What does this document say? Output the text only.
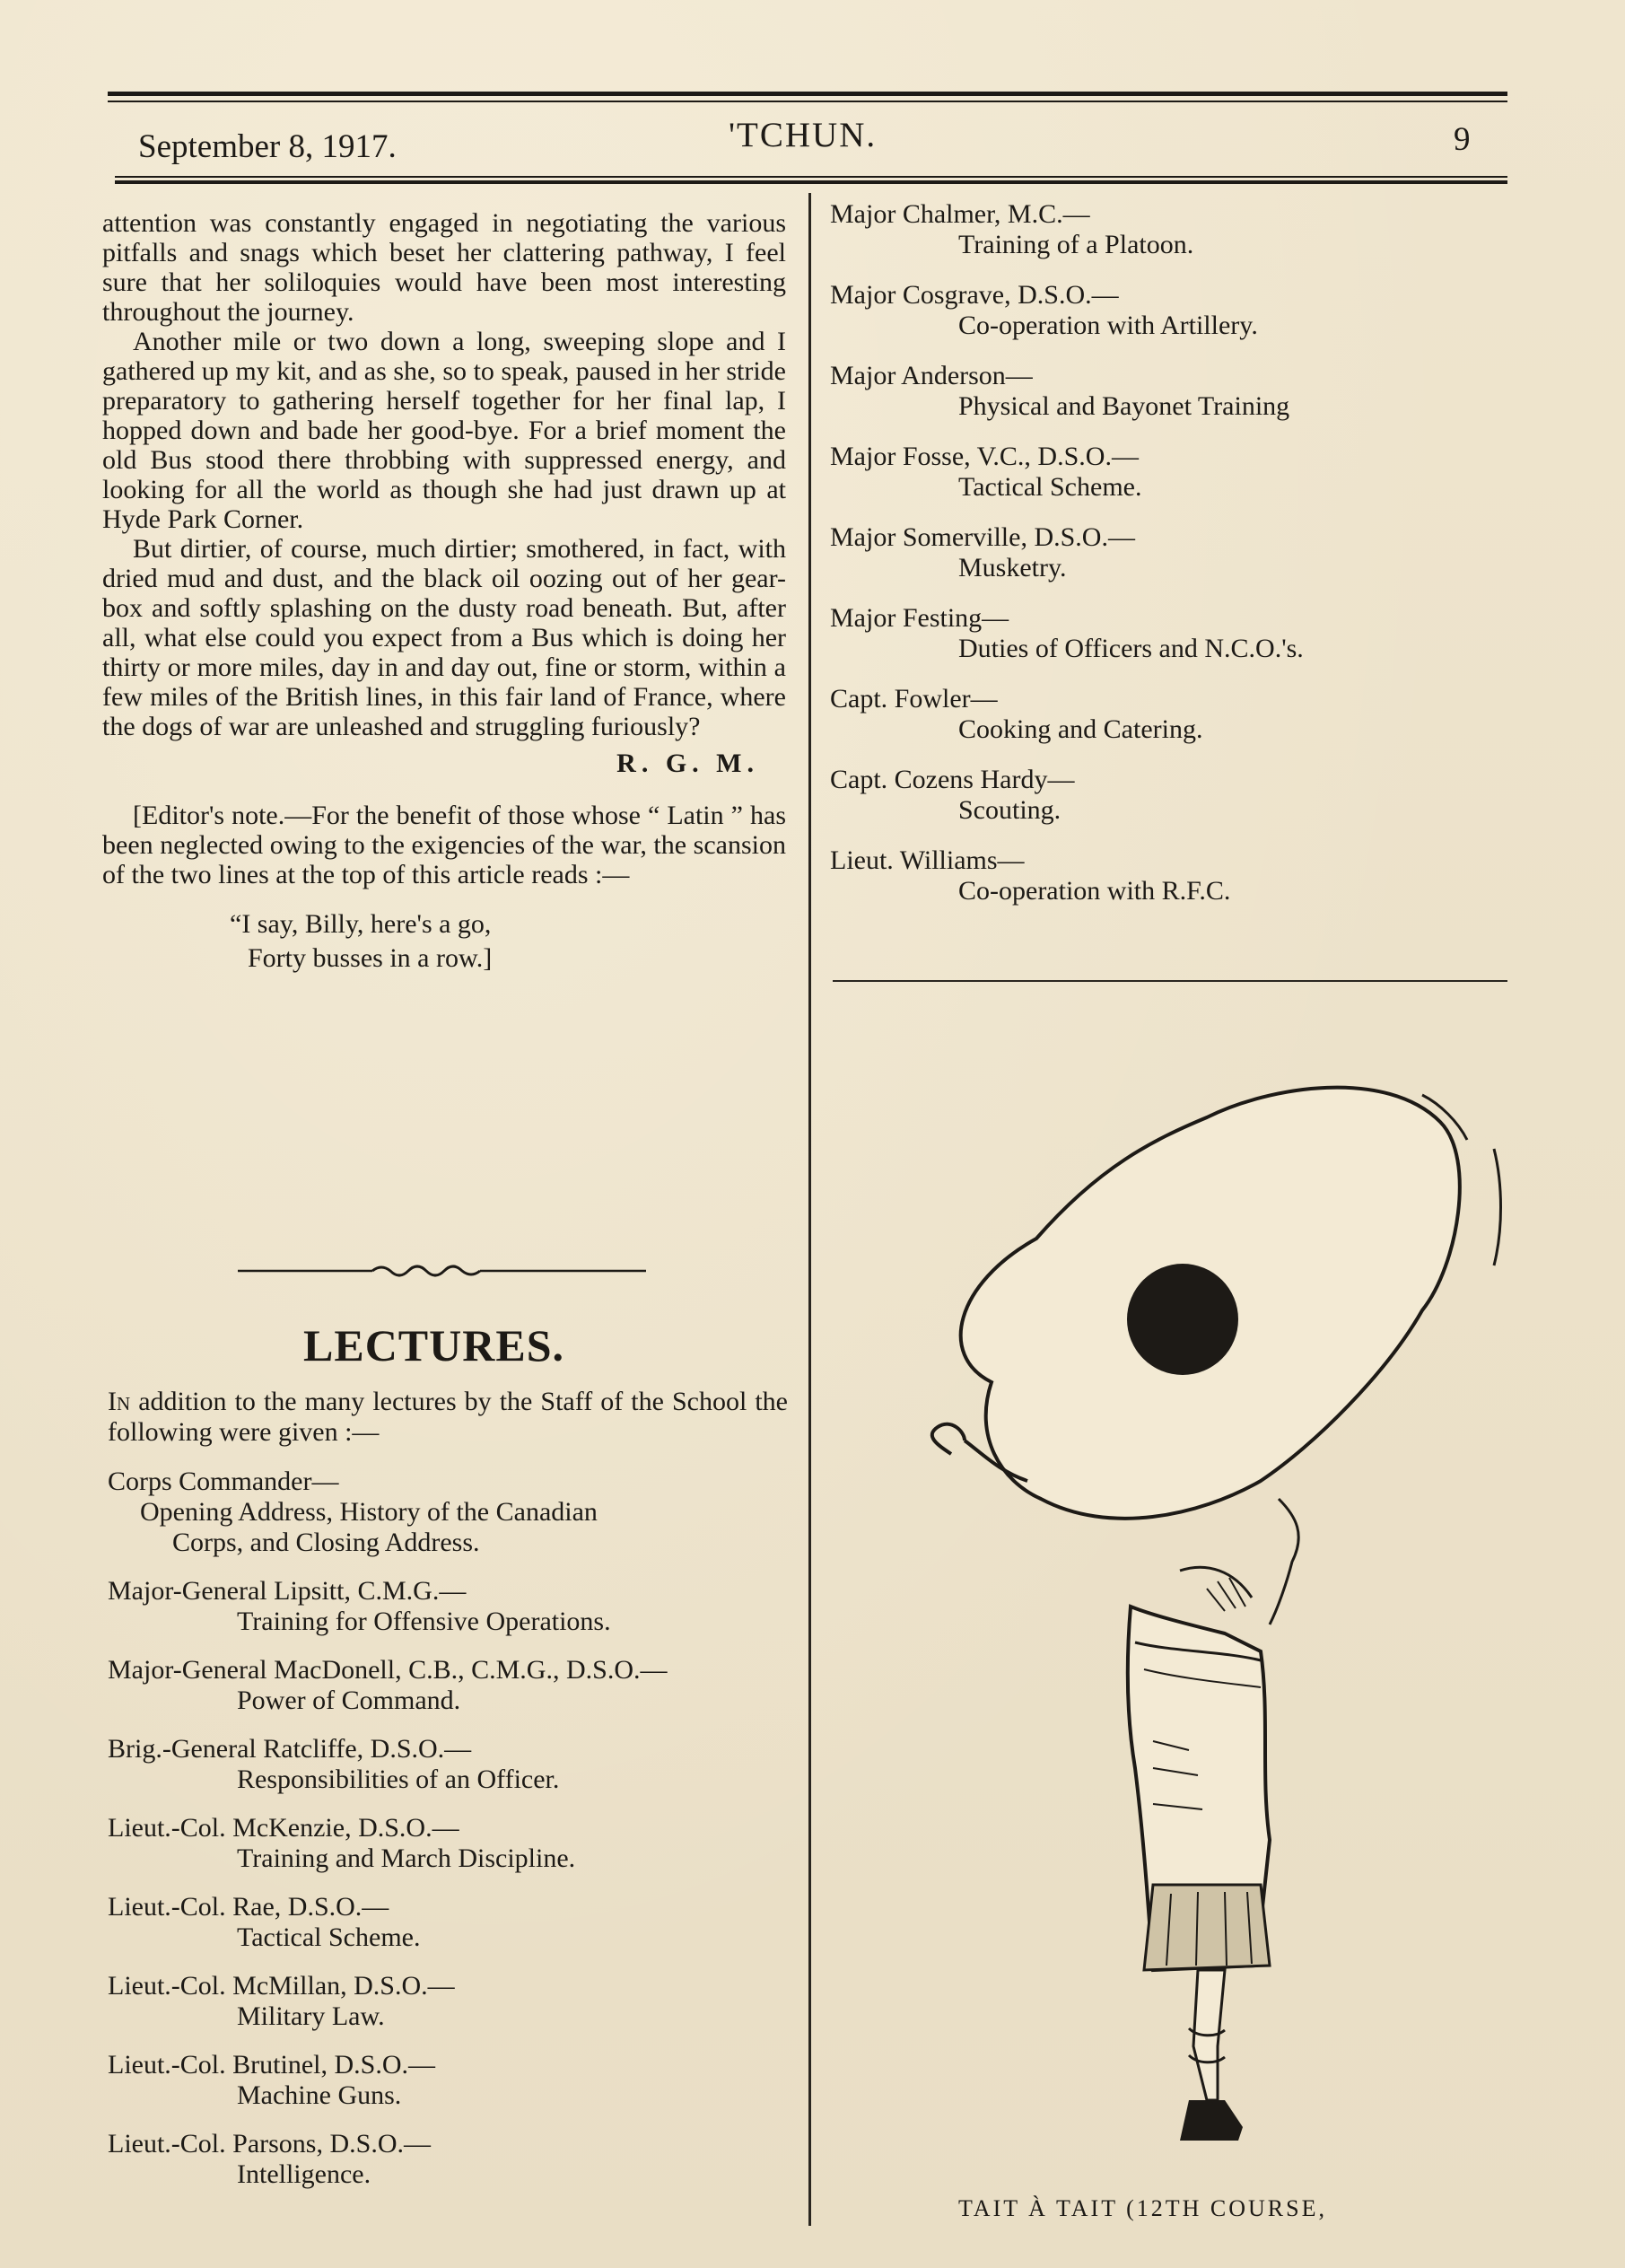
September 8, 1917.	'TCHUN.	9

attention was constantly engaged in negotiating the various pitfalls and snags which beset her clattering pathway, I feel sure that her soliloquies would have been most interesting throughout the journey.

Another mile or two down a long, sweeping slope and I gathered up my kit, and as she, so to speak, paused in her stride preparatory to gathering herself together for her final lap, I hopped down and bade her good-bye. For a brief moment the old Bus stood there throbbing with suppressed energy, and looking for all the world as though she had just drawn up at Hyde Park Corner.

But dirtier, of course, much dirtier; smothered, in fact, with dried mud and dust, and the black oil oozing out of her gear-box and softly splashing on the dusty road beneath. But, after all, what else could you expect from a Bus which is doing her thirty or more miles, day in and day out, fine or storm, within a few miles of the British lines, in this fair land of France, where the dogs of war are unleashed and struggling furiously?

R. G. M.

[Editor's note.—For the benefit of those whose “ Latin ” has been neglected owing to the exigencies of the war, the scansion of the two lines at the top of this article reads :—

“I say, Billy, here's a go,
Forty busses in a row.]
LECTURES.

In addition to the many lectures by the Staff of the School the following were given :—

Corps Commander—
Opening Address, History of the Canadian
Corps, and Closing Address.
Major-General Lipsitt, C.M.G.—
Training for Offensive Operations.
Major-General MacDonell, C.B., C.M.G., D.S.O.—
Power of Command.
Brig.-General Ratcliffe, D.S.O.—
Responsibilities of an Officer.
Lieut.-Col. McKenzie, D.S.O.—
Training and March Discipline.
Lieut.-Col. Rae, D.S.O.—
Tactical Scheme.
Lieut.-Col. McMillan, D.S.O.—
Military Law.
Lieut.-Col. Brutinel, D.S.O.—
Machine Guns.
Lieut.-Col. Parsons, D.S.O.—
Intelligence.
Major Chalmer, M.C.—
Training of a Platoon.
Major Cosgrave, D.S.O.—
Co-operation with Artillery.
Major Anderson—
Physical and Bayonet Training
Major Fosse, V.C., D.S.O.—
Tactical Scheme.
Major Somerville, D.S.O.—
Musketry.
Major Festing—
Duties of Officers and N.C.O.'s.
Capt. Fowler—
Cooking and Catering.
Capt. Cozens Hardy—
Scouting.
Lieut. Williams—
Co-operation with R.F.C.
TAIT À TAIT (12TH COURSE,
